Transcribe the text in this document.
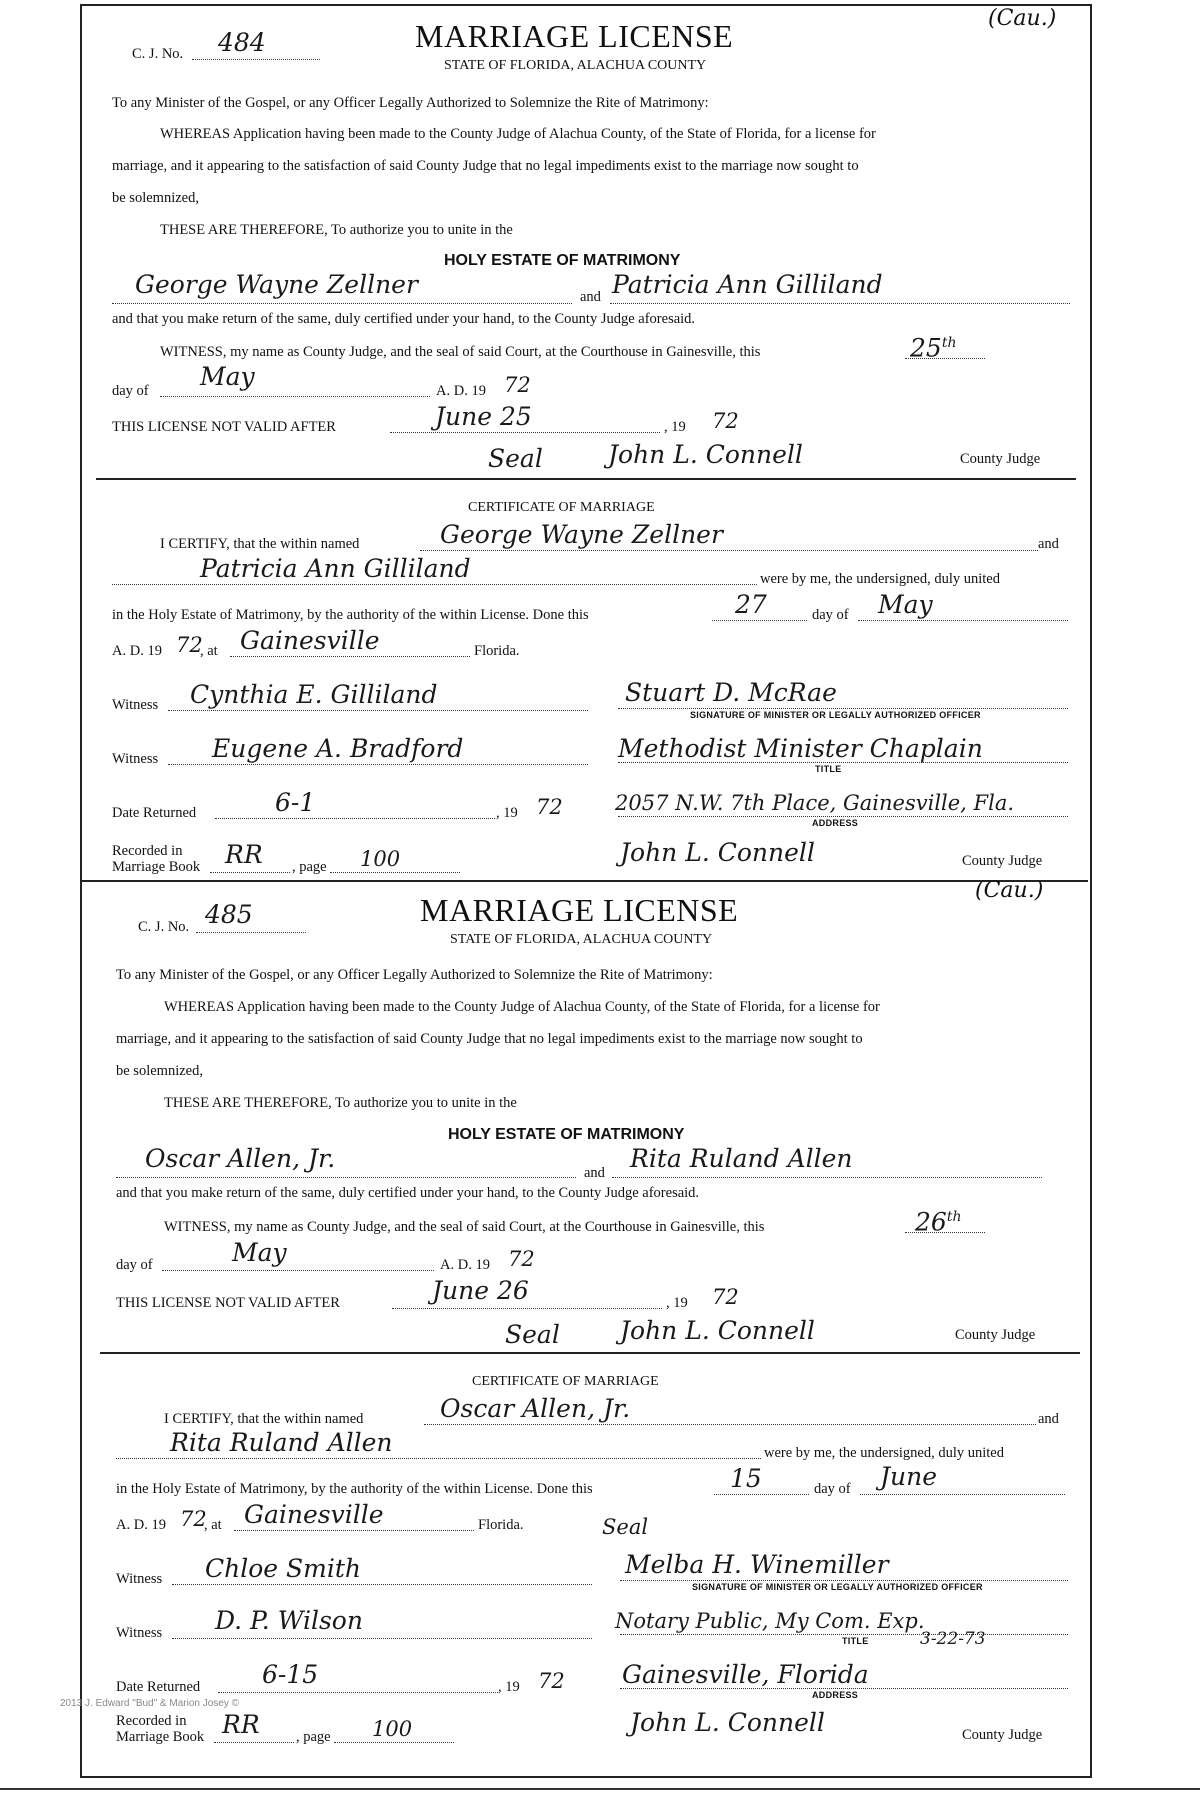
(Cau.)
C. J. No. 484	MARRIAGE LICENSE
STATE OF FLORIDA, ALACHUA COUNTY
To any Minister of the Gospel, or any Officer Legally Authorized to Solemnize the Rite of Matrimony:
WHEREAS Application having been made to the County Judge of Alachua County, of the State of Florida, for a license for
marriage, and it appearing to the satisfaction of said County Judge that no legal impediments exist to the marriage now sought to
be solemnized,
THESE ARE THEREFORE, To authorize you to unite in the
HOLY ESTATE OF MATRIMONY
George Wayne Zellner	and Patricia Ann Gilliland
and that you make return of the same, duly certified under your hand, to the County Judge aforesaid.
WITNESS, my name as County Judge, and the seal of said Court, at the Courthouse in Gainesville, this	25th
day of May	A. D. 19 72
THIS LICENSE NOT VALID AFTER	June 25	, 19 72
Seal	John L. Connell	County Judge
CERTIFICATE OF MARRIAGE
I CERTIFY, that the within named	George Wayne Zellner	and
Patricia Ann Gilliland	were by me, the undersigned, duly united
in the Holy Estate of Matrimony, by the authority of the within License. Done this	27	day of May
A. D. 19 72
, at Gainesville	Florida.
Witness Cynthia E. Gilliland	Stuart D. McRae
SIGNATURE OF MINISTER OR LEGALLY AUTHORIZED OFFICER
Witness Eugene A. Bradford	Methodist Minister Chaplain
TITLE
Date Returned	6-1	, 19 72 2057 N.W. 7th Place, Gainesville, Fla.
ADDRESS
Recorded in
Marriage Book RR , page 100	John L. Connell	County Judge
(Cau.)
C. J. No. 485	MARRIAGE LICENSE
STATE OF FLORIDA, ALACHUA COUNTY
To any Minister of the Gospel, or any Officer Legally Authorized to Solemnize the Rite of Matrimony:
WHEREAS Application having been made to the County Judge of Alachua County, of the State of Florida, for a license for
marriage, and it appearing to the satisfaction of said County Judge that no legal impediments exist to the marriage now sought to
be solemnized,
THESE ARE THEREFORE, To authorize you to unite in the
HOLY ESTATE OF MATRIMONY
Oscar Allen, Jr.	and Rita Ruland Allen
and that you make return of the same, duly certified under your hand, to the County Judge aforesaid.
WITNESS, my name as County Judge, and the seal of said Court, at the Courthouse in Gainesville, this	26th
day of	May	A. D. 19 72
THIS LICENSE NOT VALID AFTER	June 26	, 19 72
Seal John L. Connell	County Judge
CERTIFICATE OF MARRIAGE
I CERTIFY, that the within named	Oscar Allen, Jr.	and
Rita Ruland Allen	were by me, the undersigned, duly united
in the Holy Estate of Matrimony, by the authority of the within License. Done this	15	day of June
A. D. 19 72
, at Gainesville	Florida.	Seal
Witness Chloe Smith	Melba H. Winemiller
SIGNATURE OF MINISTER OR LEGALLY AUTHORIZED OFFICER
Witness D. P. Wilson	Notary Public, My Com. Exp.
TITLE	3-22-73
Date Returned 6-15	, 19 72 Gainesville, Florida
ADDRESS
Recorded in
Marriage Book RR	, page 100	John L. Connell	County Judge
2013 J. Edward "Bud" & Marion Josey ©
